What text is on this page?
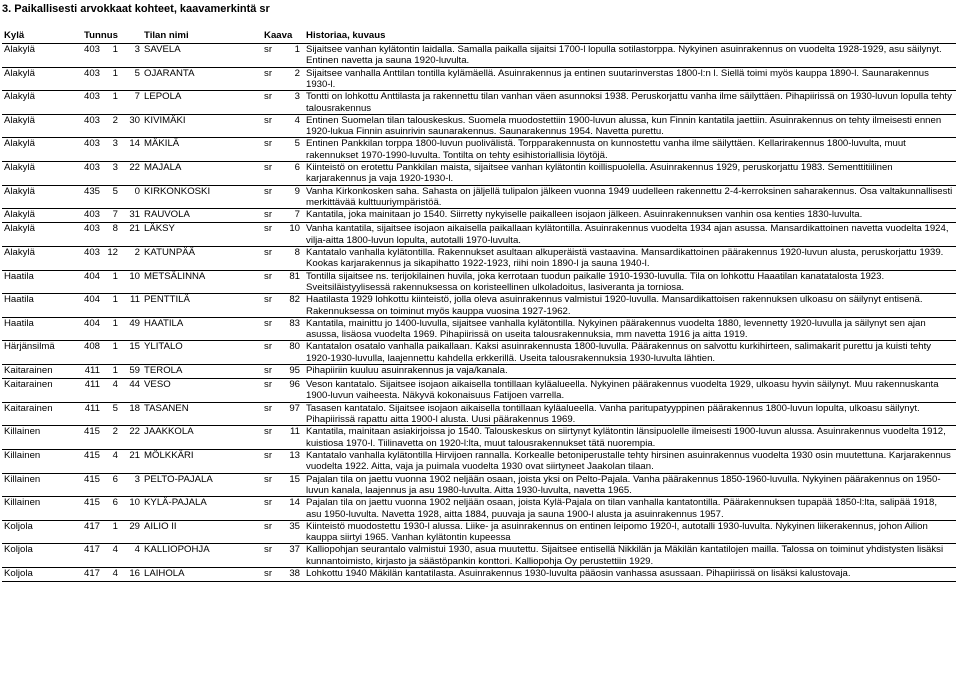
3. Paikallisesti arvokkaat kohteet, kaavamerkintä sr
Kylä	Tunnus			Tilan nimi	Kaava		Historiaa, kuvaus
Alakylä	403	1	3	SAVELA	sr	1	Sijaitsee vanhan kylätontin laidalla. Samalla paikalla sijaitsi 1700-l lopulla sotilastorppa. Nykyinen asuinrakennus on vuodelta 1928-1929, asu säilynyt. Entinen navetta ja sauna 1920-luvulta.
Alakylä	403	1	5	OJARANTA	sr	2	Sijaitsee vanhalla Anttilan tontilla kylämäellä. Asuinrakennus ja entinen suutarinverstas 1800-l:n l. Siellä toimi myös kauppa 1890-l. Saunarakennus 1930-l.
Alakylä	403	1	7	LEPOLA	sr	3	Tontti on lohkottu Anttilasta ja rakennettu tilan vanhan väen asunnoksi 1938. Peruskorjattu vanha ilme säilyttäen. Pihapiirissä on 1930-luvun lopulla tehty talousrakennus
Alakylä	403	2	30	KIVIMÄKI	sr	4	Entinen Suomelan tilan talouskeskus. Suomela muodostettiin 1900-luvun alussa, kun Finnin kantatila jaettiin. Asuinrakennus on tehty ilmeisesti ennen 1920-lukua Finnin asuinrivin saunarakennus. Saunarakennus 1954. Navetta purettu.
Alakylä	403	3	14	MÄKILÄ	sr	5	Entinen Pankkilan torppa 1800-luvun puolivälistä. Torpparakennusta on kunnostettu vanha ilme säilyttäen. Kellarirakennus 1800-luvulta, muut rakennukset 1970-1990-luvulta. Tontilta on tehty esihistoriallisia löytöjä.
Alakylä	403	3	22	MAJALA	sr	6	Kiinteistö on erotettu Pankkilan maista, sijaitsee vanhan kylätontin koillispuolella. Asuinrakennus 1929, peruskorjattu 1983. Sementtitiilinen karjarakennus ja vaja 1920-1930-l.
Alakylä	435	5	0	KIRKONKOSKI	sr	9	Vanha Kirkonkosken saha. Sahasta on jäljellä tulipalon jälkeen vuonna 1949 uudelleen rakennettu 2-4-kerroksinen saharakennus. Osa valtakunnallisesti merkittävää kulttuuriympäristöä.
Alakylä	403	7	31	RAUVOLA	sr	7	Kantatila, joka mainitaan jo 1540. Siirretty nykyiselle paikalleen isojaon jälkeen. Asuinrakennuksen vanhin osa kenties 1830-luvulta.
Alakylä	403	8	21	LÄKSY	sr	10	Vanha kantatila, sijaitsee isojaon aikaisella paikallaan kylätontilla. Asuinrakennus vuodelta 1934 ajan asussa. Mansardikattoinen navetta vuodelta 1924, vilja-aitta 1800-luvun lopulta, autotalli 1970-luvulta.
Alakylä	403	12	2	KATUNPÄÄ	sr	8	Kantatalo vanhalla kylätontilla. Rakennukset asultaan alkuperäistä vastaavina. Mansardikattoinen päärakennus 1920-luvun alusta, peruskorjattu 1939. Kookas karjarakennus ja sikapihatto 1922-1923, riihi noin 1890-l ja sauna 1940-l.
Haatila	404	1	10	METSÄLINNA	sr	81	Tontilla sijaitsee ns. terijokilainen huvila, joka kerrotaan tuodun paikalle 1910-1930-luvulla. Tila on lohkottu Haaatilan kanatatalosta 1923. Sveitsiläistyylisessä rakennuksessa on koristeellinen ulkoladoitus, lasiveranta ja torniosa.
Haatila	404	1	11	PENTTILÄ	sr	82	Haatilasta 1929 lohkottu kiinteistö, jolla oleva asuinrakennus valmistui 1920-luvulla. Mansardikattoisen rakennuksen ulkoasu on säilynyt entisenä. Rakennuksessa on toiminut myös kauppa vuosina 1927-1962.
Haatila	404	1	49	HAATILA	sr	83	Kantatila, mainittu jo 1400-luvulla, sijaitsee vanhalla kylätontilla. Nykyinen päärakennus vuodelta 1880, levennetty 1920-luvulla ja säilynyt sen ajan asussa, lisäosa vuodelta 1969. Pihapiirissä on useita talousrakennuksia, mm navetta 1916 ja aitta 1919.
Härjänsilmä	408	1	15	YLITALO	sr	80	Kantatalon osatalo vanhalla paikallaan. Kaksi asuinrakennusta 1800-luvulla. Päärakennus on salvottu kurkihirteen, salimakarit purettu ja kuisti tehty 1920-1930-luvulla, laajennettu kahdella erkkerillä. Useita talousrakennuksia 1930-luvulta lähtien.
Kaitarainen	411	1	59	TEROLA	sr	95	Pihapiiriin kuuluu asuinrakennus ja vaja/kanala.
Kaitarainen	411	4	44	VESO	sr	96	Veson kantatalo. Sijaitsee isojaon aikaisella tontillaan kyläalueella. Nykyinen päärakennus vuodelta 1929, ulkoasu hyvin säilynyt. Muu rakennuskanta 1900-luvun vaiheesta. Näkyvä kokonaisuus Fatijoen varrella.
Kaitarainen	411	5	18	TASANEN	sr	97	Tasasen kantatalo. Sijaitsee isojaon aikaisella tontillaan kyläalueella. Vanha paritupatyyppinen päärakennus 1800-luvun lopulta, ulkoasu säilynyt. Pihapiirissä rapattu aitta 1900-l alusta. Uusi päärakennus 1969.
Killainen	415	2	22	JAAKKOLA	sr	11	Kantatila, mainitaan asiakirjoissa jo 1540. Talouskeskus on siirtynyt kylätontin länsipuolelle ilmeisesti 1900-luvun alussa. Asuinrakennus vuodelta 1912, kuistiosa 1970-l. Tiilinavetta on 1920-l:lta, muut talousrakennukset tätä nuorempia.
Killainen	415	4	21	MÖLKKÄRI	sr	13	Kantatalo vanhalla kylätontilla Hirvijoen rannalla. Korkealle betoniperustalle tehty hirsinen asuinrakennus vuodelta 1930 osin muutettuna. Karjarakennus vuodelta 1922. Aitta, vaja ja puimala vuodelta 1930 ovat siirtyneet Jaakolan tilaan.
Killainen	415	6	3	PELTO-PAJALA	sr	15	Pajalan tila on jaettu vuonna 1902 neljään osaan, joista yksi on Pelto-Pajala. Vanha päärakennus 1850-1960-luvulla. Nykyinen päärakennus on 1950-luvun kanala, laajennus ja asu 1980-luvulta. Aitta 1930-luvulta, navetta 1965.
Killainen	415	6	10	KYLÄ-PAJALA	sr	14	Pajalan tila on jaettu vuonna 1902 neljään osaan, joista Kylä-Pajala on tilan vanhalla kantatontilla. Päärakennuksen tupapää 1850-l:lta, salipää 1918, asu 1950-luvulta. Navetta 1928, aitta 1884, puuvaja ja sauna 1900-l alusta ja asuinrakennus 1957.
Koljola	417	1	29	AILIO II	sr	35	Kiinteistö muodostettu 1930-l alussa. Liike- ja asuinrakennus on entinen leipomo 1920-l, autotalli 1930-luvulta. Nykyinen liikerakennus, johon Ailion kauppa siirtyi 1965. Vanhan kylätontin kupeessa
Koljola	417	4	4	KALLIOPOHJA	sr	37	Kalliopohjan seurantalo valmistui 1930, asua muutettu. Sijaitsee entisellä Nikkilän ja Mäkilän kantatilojen mailla. Talossa on toiminut yhdistysten lisäksi kunnantoimisto, kirjasto ja säästöpankin konttori. Kalliopohja Oy perustettiin 1929.
Koljola	417	4	16	LAIHOLA	sr	38	Lohkottu 1940 Mäkilän kantatilasta. Asuinrakennus 1930-luvulta pääosin vanhassa asussaan. Pihapiirissä on lisäksi kalustovaja.
